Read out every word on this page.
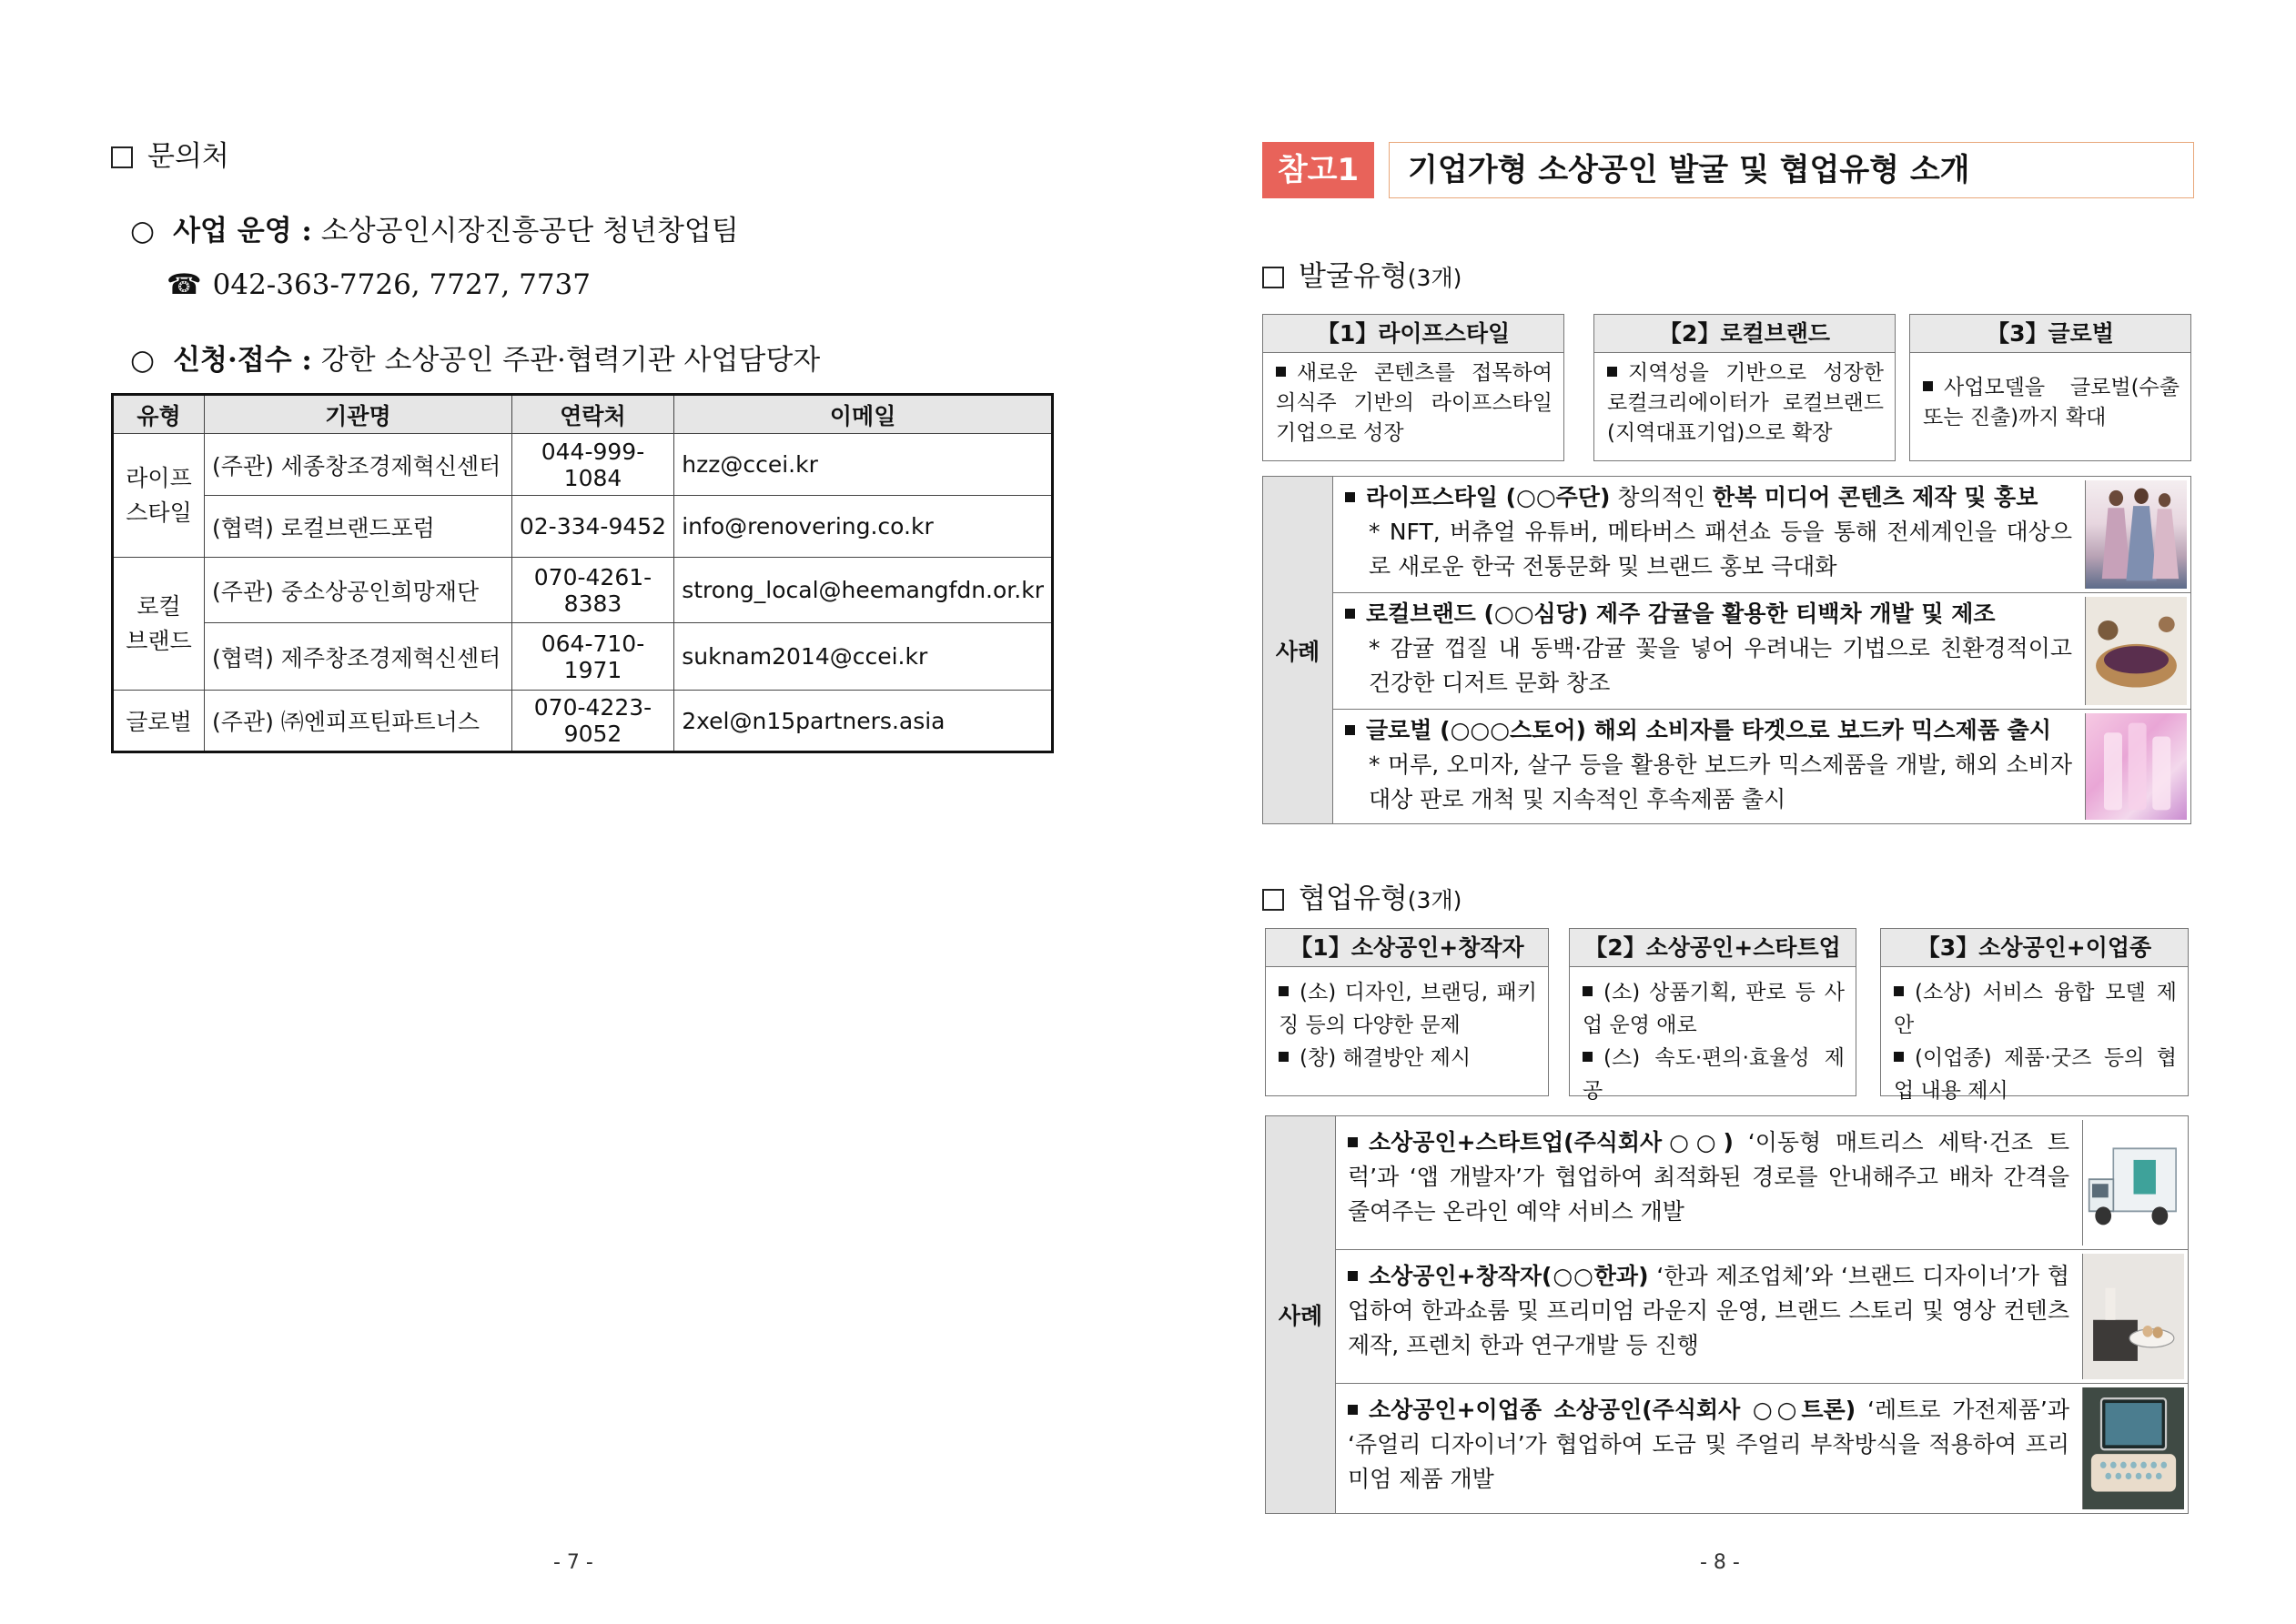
문의처
○ 사업 운영 : 소상공인시장진흥공단 청년창업팀
☎ 042-363-7726, 7727, 7737
○ 신청·접수 : 강한 소상공인 주관·협력기관 사업담당자
유형	기관명	연락처	이메일
라이프
스타일	(주관) 세종창조경제혁신센터	044-999-1084	hzz@ccei.kr
	(협력) 로컬브랜드포럼	02-334-9452	info@renovering.co.kr
로컬
브랜드	(주관) 중소상공인희망재단	070-4261-8383	strong_local@heemangfdn.or.kr
	(협력) 제주창조경제혁신센터	064-710-1971	suknam2014@ccei.kr
글로벌	(주관) ㈜엔피프틴파트너스	070-4223-9052	2xel@n15partners.asia
- 7 -
참고1	기업가형 소상공인 발굴 및 협업유형 소개
발굴유형(3개)
【1】라이프스타일
새로운 콘텐츠를 접목하여 의식주 기반의 라이프스타일 기업으로 성장
【2】로컬브랜드
지역성을 기반으로 성장한 로컬크리에이터가 로컬브랜드 (지역대표기업)으로 확장
【3】글로벌
사업모델을 글로벌(수출 또는 진출)까지 확대
사례
라이프스타일 (○○주단) 창의적인 한복 미디어 콘텐츠 제작 및 홍보
* NFT, 버츄얼 유튜버, 메타버스 패션쇼 등을 통해 전세계인을 대상으로 새로운 한국 전통문화 및 브랜드 홍보 극대화
로컬브랜드 (○○심당) 제주 감귤을 활용한 티백차 개발 및 제조
* 감귤 껍질 내 동백·감귤 꽃을 넣어 우려내는 기법으로 친환경적이고 건강한 디저트 문화 창조
글로벌 (○○○스토어) 해외 소비자를 타겟으로 보드카 믹스제품 출시
* 머루, 오미자, 살구 등을 활용한 보드카 믹스제품을 개발, 해외 소비자 대상 판로 개척 및 지속적인 후속제품 출시
협업유형(3개)
【1】소상공인+창작자
(소) 디자인, 브랜딩, 패키징 등의 다양한 문제
(창) 해결방안 제시
【2】소상공인+스타트업
(소) 상품기획, 판로 등 사업 운영 애로
(스) 속도·편의·효율성 제공
【3】소상공인+이업종
(소상) 서비스 융합 모델 제안
(이업종) 제품·굿즈 등의 협업 내용 제시
사례
소상공인+스타트업(주식회사○○) ‘이동형 매트리스 세탁·건조 트럭’과 ‘앱 개발자’가 협업하여 최적화된 경로를 안내해주고 배차 간격을 줄여주는 온라인 예약 서비스 개발
소상공인+창작자(○○한과) ‘한과 제조업체’와 ‘브랜드 디자이너’가 협업하여 한과쇼룸 및 프리미엄 라운지 운영, 브랜드 스토리 및 영상 컨텐츠 제작, 프렌치 한과 연구개발 등 진행
소상공인+이업종 소상공인(주식회사 ○○트론) ‘레트로 가전제품’과 ‘쥬얼리 디자이너’가 협업하여 도금 및 주얼리 부착방식을 적용하여 프리미엄 제품 개발
- 8 -
